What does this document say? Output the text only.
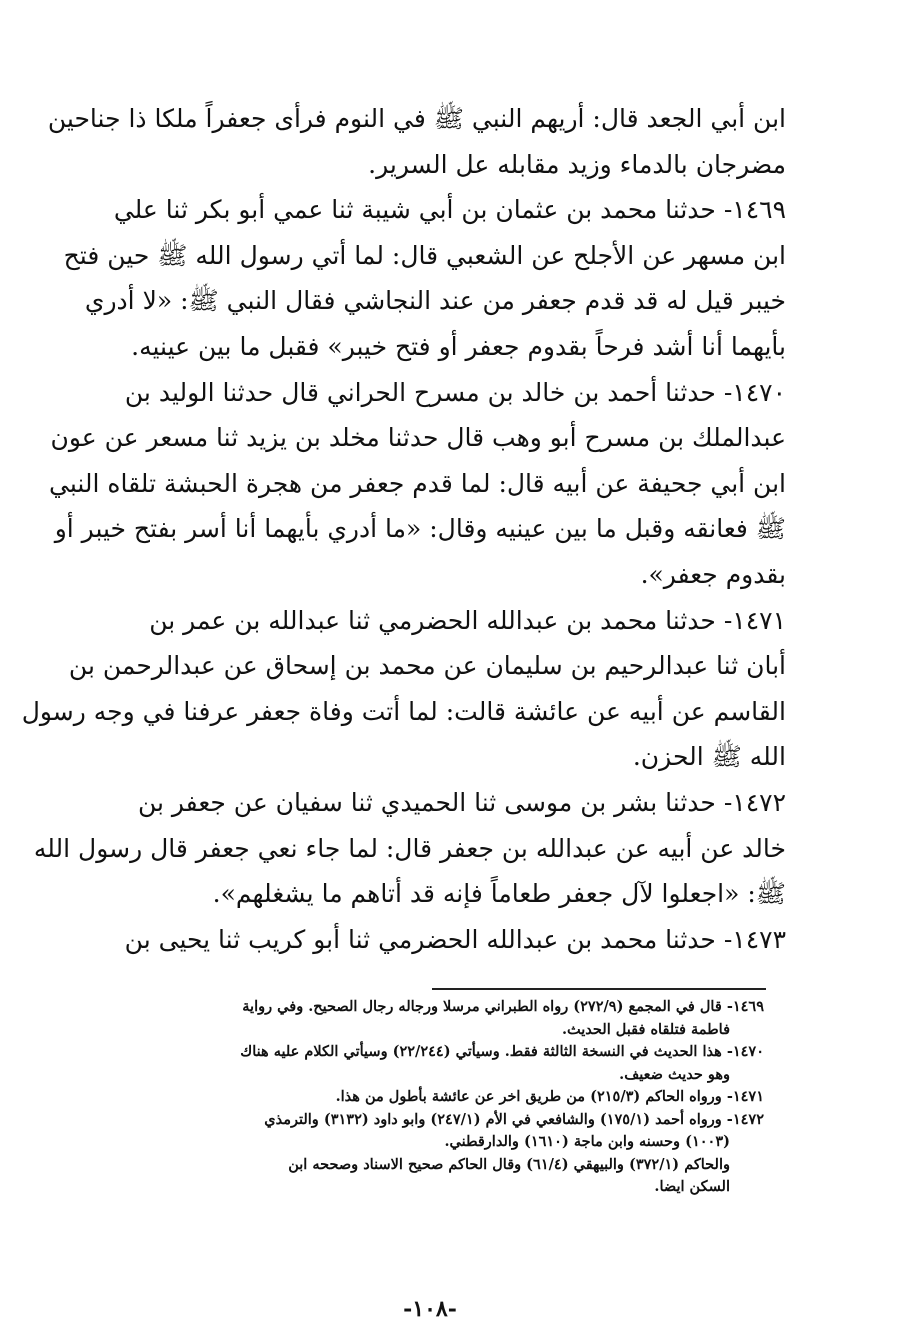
ابن أبي الجعد قال: أريهم النبي ﷺ في النوم فرأى جعفراً ملكا ذا جناحين
مضرجان بالدماء وزيد مقابله عل السرير.
١٤٦٩- حدثنا محمد بن عثمان بن أبي شيبة ثنا عمي أبو بكر ثنا علي
ابن مسهر عن الأجلح عن الشعبي قال: لما أتي رسول الله ﷺ حين فتح
خيبر قيل له قد قدم جعفر من عند النجاشي فقال النبي ﷺ: «لا أدري
بأيهما أنا أشد فرحاً بقدوم جعفر أو فتح خيبر» فقبل ما بين عينيه.
١٤٧٠- حدثنا أحمد بن خالد بن مسرح الحراني قال حدثنا الوليد بن
عبدالملك بن مسرح أبو وهب قال حدثنا مخلد بن يزيد ثنا مسعر عن عون
ابن أبي جحيفة عن أبيه قال: لما قدم جعفر من هجرة الحبشة تلقاه النبي
ﷺ فعانقه وقبل ما بين عينيه وقال: «ما أدري بأيهما أنا أسر بفتح خيبر أو
بقدوم جعفر».
١٤٧١- حدثنا محمد بن عبدالله الحضرمي ثنا عبدالله بن عمر بن
أبان ثنا عبدالرحيم بن سليمان عن محمد بن إسحاق عن عبدالرحمن بن
القاسم عن أبيه عن عائشة قالت: لما أتت وفاة جعفر عرفنا في وجه رسول
الله ﷺ الحزن.
١٤٧٢- حدثنا بشر بن موسى ثنا الحميدي ثنا سفيان عن جعفر بن
خالد عن أبيه عن عبدالله بن جعفر قال: لما جاء نعي جعفر قال رسول الله
ﷺ: «اجعلوا لآل جعفر طعاماً فإنه قد أتاهم ما يشغلهم».
١٤٧٣- حدثنا محمد بن عبدالله الحضرمي ثنا أبو كريب ثنا يحيى بن
١٤٦٩- قال في المجمع (٢٧٢/٩) رواه الطبراني مرسلا ورجاله رجال الصحيح. وفي رواية
فاطمة فتلقاه فقبل الحديث.
١٤٧٠- هذا الحديث في النسخة الثالثة فقط. وسيأتي (٢٢/٢٤٤) وسيأتي الكلام عليه هناك
وهو حديث ضعيف.
١٤٧١- ورواه الحاكم (٢١٥/٣) من طريق اخر عن عائشة بأطول من هذا.
١٤٧٢- ورواه أحمد (١٧٥/١) والشافعي في الأم (٢٤٧/١) وابو داود (٣١٣٢) والترمذي
(١٠٠٣) وحسنه وابن ماجة (١٦١٠) والدارقطني.
والحاكم (٣٧٢/١) والبيهقي (٦١/٤) وقال الحاكم صحيح الاسناد وصححه ابن
السكن ايضا.
-١٠٨-
